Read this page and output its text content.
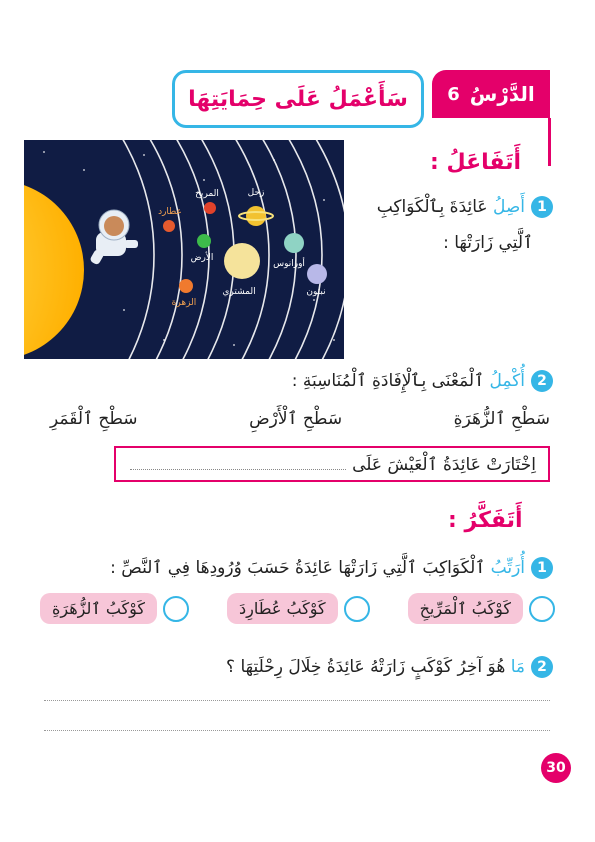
الدَّرْسُ
6
سَأَعْمَلُ عَلَى حِمَايَتِهَا
أَتَفَاعَلُ :
زحل
المريخ
عطارد
الأرض
أورانوس
المشتري
الزهرة
نبتون
1أَصِلُ عَائِدَةَ بِٱلْكَوَاكِبِ
ٱلَّتِي زَارَتْهَا :
2أُكْمِلُ ٱلْمَعْنَى بِٱلْإِفَادَةِ ٱلْمُنَاسِبَةِ :
سَطْحِ ٱلزُّهَرَةِ
سَطْحِ ٱلْأَرْضِ
سَطْحِ ٱلْقَمَرِ
اِخْتَارَتْ عَائِدَةُ ٱلْعَيْشَ عَلَى
أَتَفَكَّرُ :
1أُرَتِّبُ ٱلْكَوَاكِبَ ٱلَّتِي زَارَتْهَا عَائِدَةُ حَسَبَ وُرُودِهَا فِي ٱلنَّصِّ :
كَوْكَبُ ٱلْمَرِّيخِ
كَوْكَبُ عُطَارِدَ
كَوْكَبُ ٱلزُّهَرَةِ
2مَا هُوَ آخِرُ كَوْكَبٍ زَارَتْهُ عَائِدَةُ خِلَالَ رِحْلَتِهَا ؟
30
